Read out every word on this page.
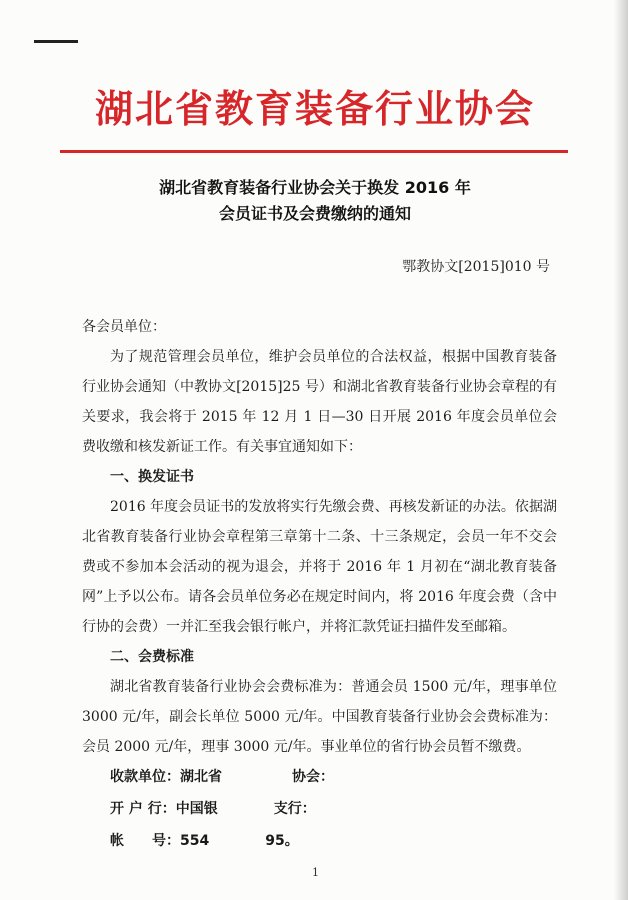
湖北省教育装备行业协会
湖北省教育装备行业协会关于换发 2016 年
会员证书及会费缴纳的通知
鄂教协文[2015]010 号
各会员单位：
为了规范管理会员单位，维护会员单位的合法权益，根据中国教育装备行业协会通知（中教协文[2015]25 号）和湖北省教育装备行业协会章程的有关要求，我会将于 2015 年 12 月 1 日—30 日开展 2016 年度会员单位会费收缴和核发新证工作。有关事宜通知如下：
一、换发证书
2016 年度会员证书的发放将实行先缴会费、再核发新证的办法。依据湖北省教育装备行业协会章程第三章第十二条、十三条规定，会员一年不交会费或不参加本会活动的视为退会，并将于 2016 年 1 月初在“湖北教育装备网”上予以公布。请各会员单位务必在规定时间内，将 2016 年度会费（含中行协的会费）一并汇至我会银行帐户，并将汇款凭证扫描件发至邮箱。
二、会费标准
湖北省教育装备行业协会会费标准为：普通会员 1500 元/年，理事单位 3000 元/年，副会长单位 5000 元/年。中国教育装备行业协会会费标准为：会员 2000 元/年，理事 3000 元/年。事业单位的省行协会员暂不缴费。
收款单位：湖北省　　　　　协会：
开 户 行：中国银　　　　支行：
帐　　号：554　　　　95。
1
